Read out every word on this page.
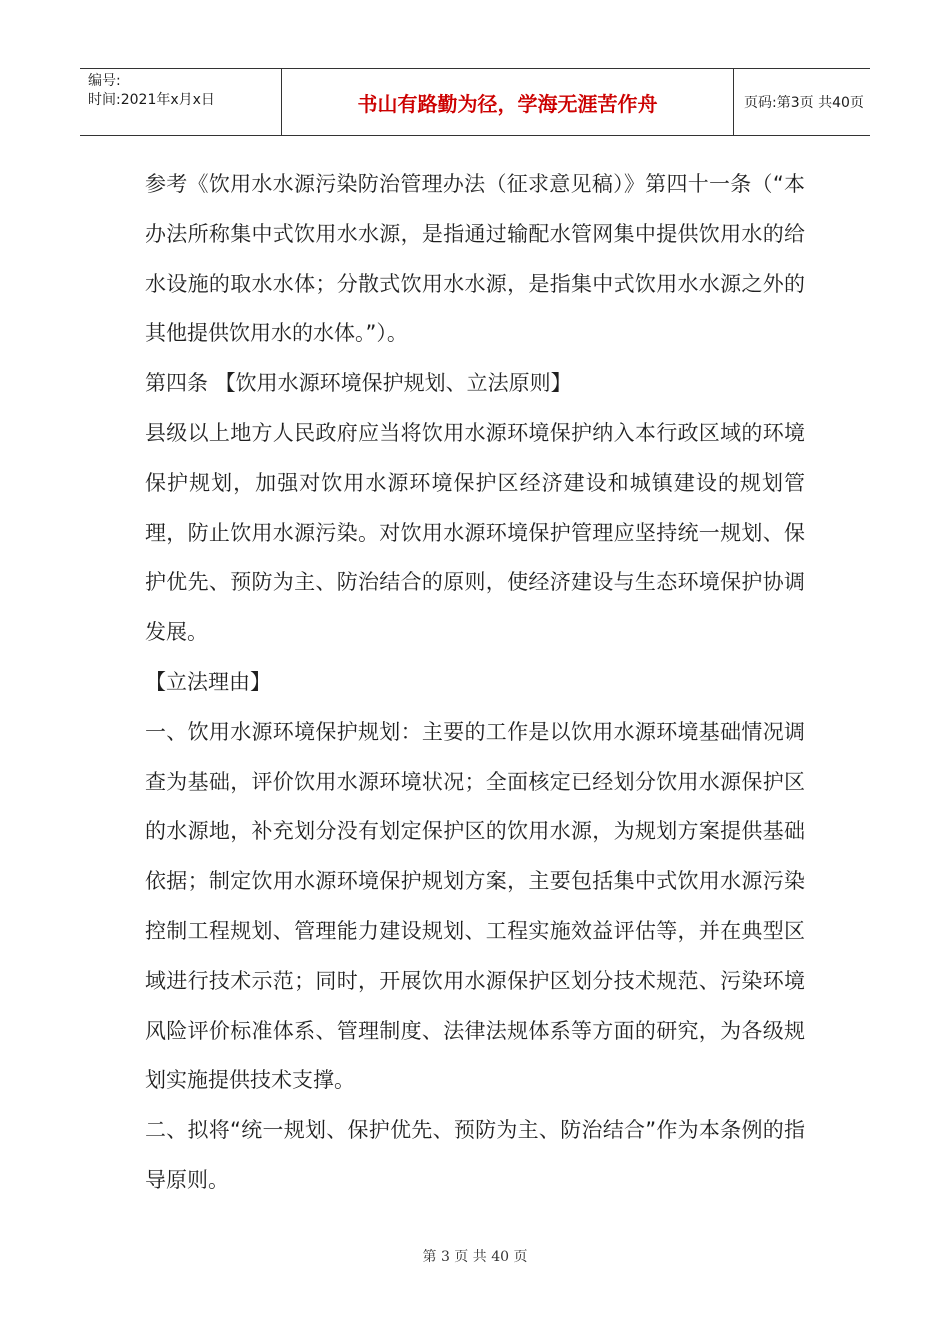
编号:
时间:2021年x月x日	书山有路勤为径，学海无涯苦作舟	页码:第3页 共40页

参考《饮用水水源污染防治管理办法（征求意见稿）》第四十一条（“本办法所称集中式饮用水水源，是指通过输配水管网集中提供饮用水的给水设施的取水水体；分散式饮用水水源，是指集中式饮用水水源之外的其他提供饮用水的水体。”）。

第四条 【饮用水源环境保护规划、立法原则】

县级以上地方人民政府应当将饮用水源环境保护纳入本行政区域的环境保护规划，加强对饮用水源环境保护区经济建设和城镇建设的规划管理，防止饮用水源污染。对饮用水源环境保护管理应坚持统一规划、保护优先、预防为主、防治结合的原则，使经济建设与生态环境保护协调发展。

【立法理由】

一、饮用水源环境保护规划：主要的工作是以饮用水源环境基础情况调查为基础，评价饮用水源环境状况；全面核定已经划分饮用水源保护区的水源地，补充划分没有划定保护区的饮用水源，为规划方案提供基础依据；制定饮用水源环境保护规划方案，主要包括集中式饮用水源污染控制工程规划、管理能力建设规划、工程实施效益评估等，并在典型区域进行技术示范；同时，开展饮用水源保护区划分技术规范、污染环境风险评价标准体系、管理制度、法律法规体系等方面的研究，为各级规划实施提供技术支撑。

二、拟将“统一规划、保护优先、预防为主、防治结合”作为本条例的指导原则。

第 3 页 共 40 页
